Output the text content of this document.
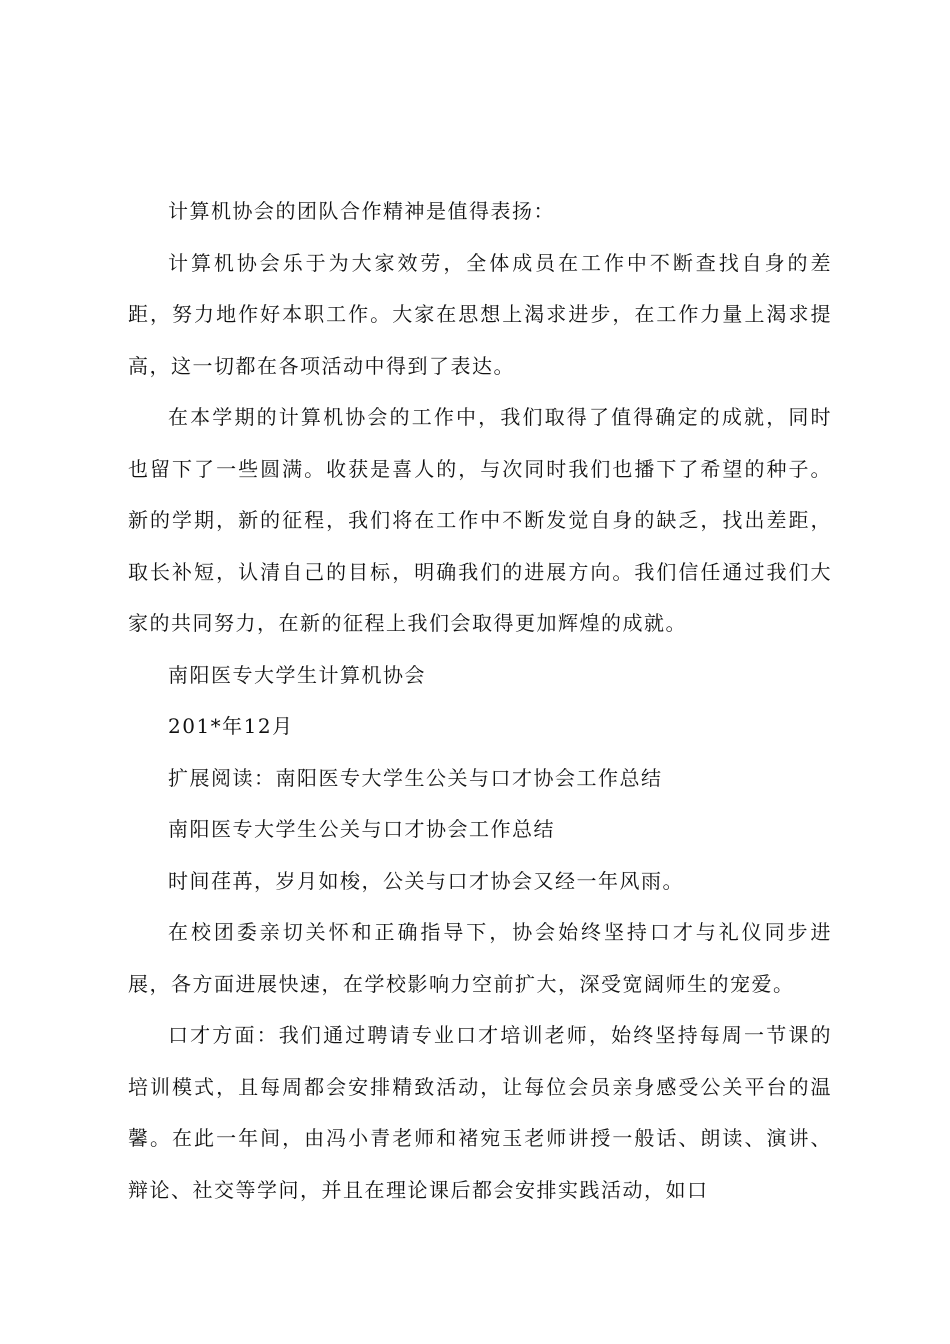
计算机协会的团队合作精神是值得表扬：

计算机协会乐于为大家效劳，全体成员在工作中不断查找自身的差距，努力地作好本职工作。大家在思想上渴求进步，在工作力量上渴求提高，这一切都在各项活动中得到了表达。

在本学期的计算机协会的工作中，我们取得了值得确定的成就，同时也留下了一些圆满。收获是喜人的，与次同时我们也播下了希望的种子。新的学期，新的征程，我们将在工作中不断发觉自身的缺乏，找出差距，取长补短，认清自己的目标，明确我们的进展方向。我们信任通过我们大家的共同努力，在新的征程上我们会取得更加辉煌的成就。

南阳医专大学生计算机协会

201*年12月

扩展阅读：南阳医专大学生公关与口才协会工作总结

南阳医专大学生公关与口才协会工作总结

时间荏苒，岁月如梭，公关与口才协会又经一年风雨。

在校团委亲切关怀和正确指导下，协会始终坚持口才与礼仪同步进展，各方面进展快速，在学校影响力空前扩大，深受宽阔师生的宠爱。

口才方面：我们通过聘请专业口才培训老师，始终坚持每周一节课的培训模式，且每周都会安排精致活动，让每位会员亲身感受公关平台的温馨。在此一年间，由冯小青老师和褚宛玉老师讲授一般话、朗读、演讲、辩论、社交等学问，并且在理论课后都会安排实践活动，如口
